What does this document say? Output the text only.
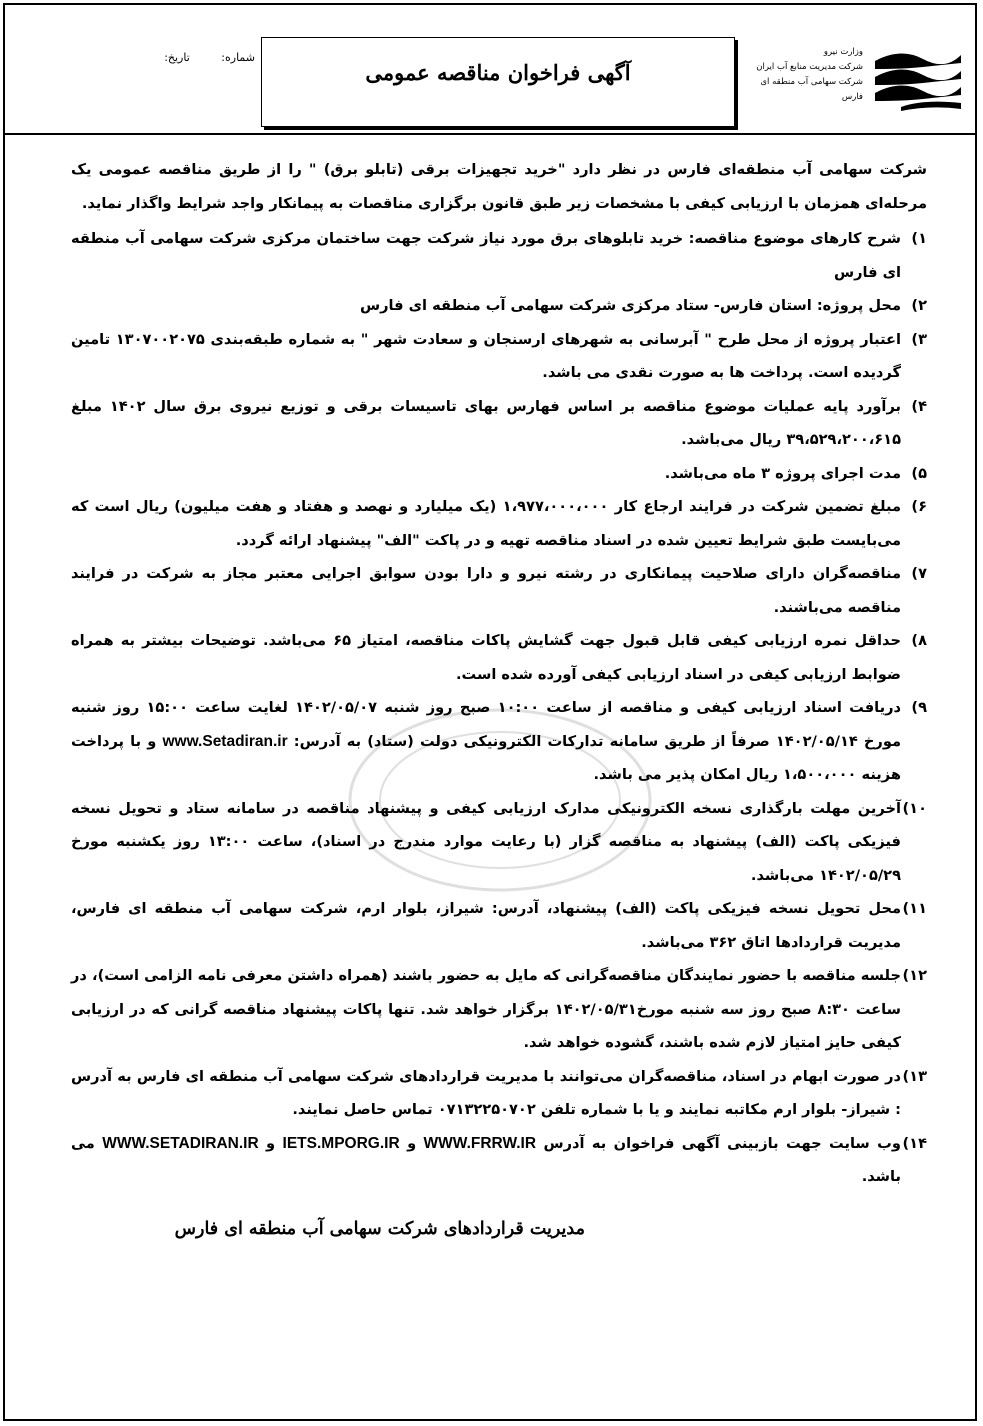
شماره: تاریخ:
آگهی فراخوان مناقصه عمومی
وزارت نیرو
شرکت مدیریت منابع آب ایران
شرکت سهامی آب منطقه ای فارس

شرکت سهامی آب منطقه‌ای فارس در نظر دارد "خرید تجهیزات برقی (تابلو برق) " را از طریق مناقصه عمومی یک مرحله‌ای همزمان با ارزیابی کیفی با مشخصات زیر طبق قانون برگزاری مناقصات به پیمانکار واجد شرایط واگذار نماید.

۱)
شرح کارهای موضوع مناقصه: خرید تابلوهای برق مورد نیاز شرکت جهت ساختمان مرکزی شرکت سهامی آب منطقه ای فارس

۲)
محل پروژه: استان فارس- ستاد مرکزی شرکت سهامی آب منطقه ای فارس

۳)
اعتبار پروژه از محل طرح " آبرسانی به شهرهای ارسنجان و سعادت شهر " به شماره طبقه‌بندی ۱۳۰۷۰۰۲۰۷۵ تامین گردیده است. پرداخت ها به صورت نقدی می باشد.

۴)
برآورد پایه عملیات موضوع مناقصه بر اساس فهارس بهای تاسیسات برقی و توزیع نیروی برق سال ۱۴۰۲ مبلغ ۳۹،۵۲۹،۲۰۰،۶۱۵ ریال می‌باشد.

۵)
مدت اجرای پروژه ۳ ماه می‌باشد.

۶)
مبلغ تضمین شرکت در فرایند ارجاع کار ۱،۹۷۷،۰۰۰،۰۰۰ (یک میلیارد و نهصد و هفتاد و هفت میلیون) ریال است که می‌بایست طبق شرایط تعیین شده در اسناد مناقصه تهیه و در پاکت "الف" پیشنهاد ارائه گردد.

۷)
مناقصه‌گران دارای صلاحیت پیمانکاری در رشته نیرو و دارا بودن سوابق اجرایی معتبر مجاز به شرکت در فرایند مناقصه می‌باشند.

۸)
حداقل نمره ارزیابی کیفی قابل قبول جهت گشایش پاکات مناقصه، امتیاز ۶۵ می‌باشد. توضیحات بیشتر به همراه ضوابط ارزیابی کیفی در اسناد ارزیابی کیفی آورده شده است.

۹)
دریافت اسناد ارزیابی کیفی و مناقصه از ساعت ۱۰:۰۰ صبح روز شنبه ۱۴۰۲/۰۵/۰۷ لغایت ساعت ۱۵:۰۰ روز شنبه مورخ ۱۴۰۲/۰۵/۱۴ صرفاً از طریق سامانه تدارکات الکترونیکی دولت (ستاد) به آدرس: www.Setadiran.ir و با پرداخت هزینه ۱،۵۰۰،۰۰۰ ریال امکان پذیر می باشد.

۱۰)
آخرین مهلت بارگذاری نسخه الکترونیکی مدارک ارزیابی کیفی و پیشنهاد مناقصه در سامانه ستاد و تحویل نسخه فیزیکی پاکت (الف) پیشنهاد به مناقصه گزار (با رعایت موارد مندرج در اسناد)، ساعت ۱۳:۰۰ روز یکشنبه مورخ ۱۴۰۲/۰۵/۲۹ می‌باشد.

۱۱)
محل تحویل نسخه فیزیکی پاکت (الف) پیشنهاد، آدرس: شیراز، بلوار ارم، شرکت سهامی آب منطقه ای فارس، مدیریت قراردادها اتاق ۳۶۲ می‌باشد.

۱۲)
جلسه مناقصه با حضور نمایندگان مناقصه‌گرانی که مایل به حضور باشند (همراه داشتن معرفی نامه الزامی است)، در ساعت ۸:۳۰ صبح روز سه شنبه مورخ۱۴۰۲/۰۵/۳۱ برگزار خواهد شد. تنها پاکات پیشنهاد مناقصه گرانی که در ارزیابی کیفی حایز امتیاز لازم شده باشند، گشوده خواهد شد.

۱۳)
در صورت ابهام در اسناد، مناقصه‌گران می‌توانند با مدیریت قراردادهای شرکت سهامی آب منطقه ای فارس به آدرس : شیراز- بلوار ارم مکاتبه نمایند و یا با شماره تلفن ۰۷۱۳۲۲۵۰۷۰۲ تماس حاصل نمایند.

۱۴)
وب سایت جهت بازبینی آگهی فراخوان به آدرس WWW.FRRW.IR و IETS.MPORG.IR و WWW.SETADIRAN.IR می باشد.

مدیریت قراردادهای شرکت سهامی آب منطقه ای فارس
